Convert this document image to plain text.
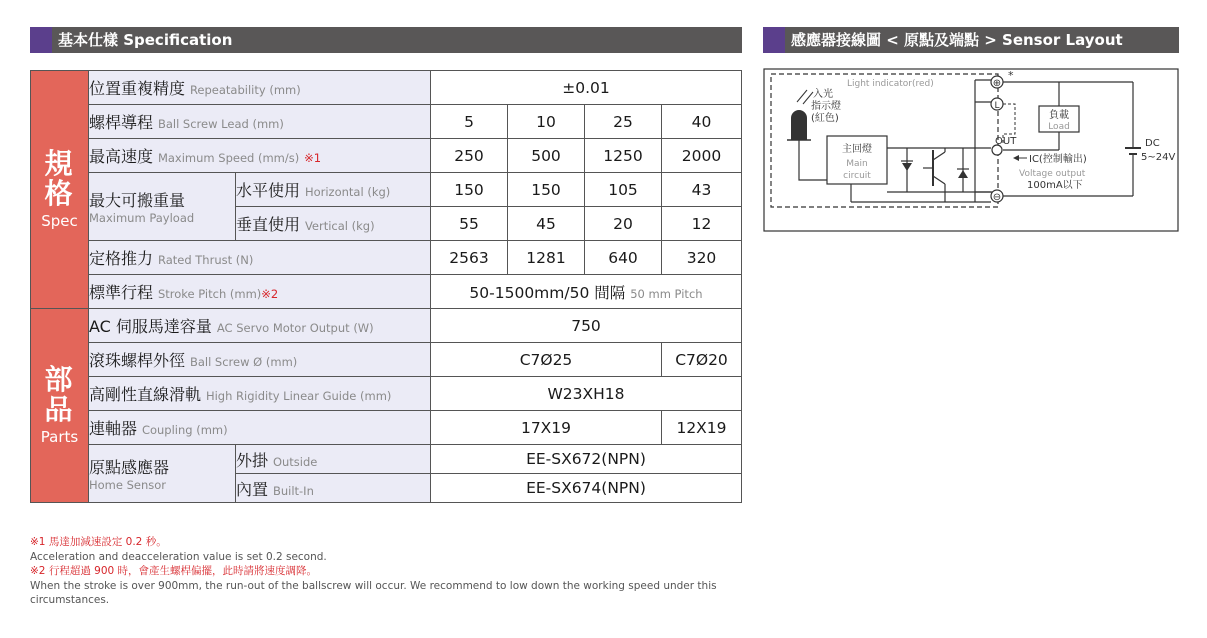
基本仕樣 Specification	感應器接線圖 < 原點及端點 > Sensor Layout
規格
Spec	位置重複精度 Repeatability (mm)		±0.01			
	螺桿導程 Ball Screw Lead (mm)		5	10	25	40
	最高速度 Maximum Speed (mm/s) ※1		250	500	1250	2000

	最大可搬重量
Maximum Payload	水平使用 Horizontal (kg)	150	150	105	43
		垂直使用 Vertical (kg)	55	45	20	12
	定格推力 Rated Thrust (N)		2563	1281	640	320
	標準行程 Stroke Pitch (mm)※2		50-1500mm/50 間隔 50 mm Pitch			

部品
Parts	AC 伺服馬達容量 AC Servo Motor Output (W)		750			
	滾珠螺桿外徑 Ball Screw Ø (mm)		C7Ø25			C7Ø20
	高剛性直線滑軌 High Rigidity Linear Guide (mm)		W23XH18			
	連軸器 Coupling (mm)		17X19			12X19

	原點感應器
Home Sensor	外掛 Outside	EE-SX672(NPN)			
		內置 Built-In	EE-SX674(NPN)			
※1 馬達加減速設定 0.2 秒。
Acceleration and deacceleration value is set 0.2 second.
※2 行程超過 900 時，會產生螺桿偏擺，此時請將速度調降。
When the stroke is over 900mm, the run-out of the ballscrew will occur. We recommend to low down the working speed under this circumstances.
入光
指示燈
(紅色)
Light indicator(red)
主回燈
Main
circuit
⊕
*
L
⊖
OUT	DC
5~24V
負載
Load
IC(控制輸出)
Voltage output
100mA以下
